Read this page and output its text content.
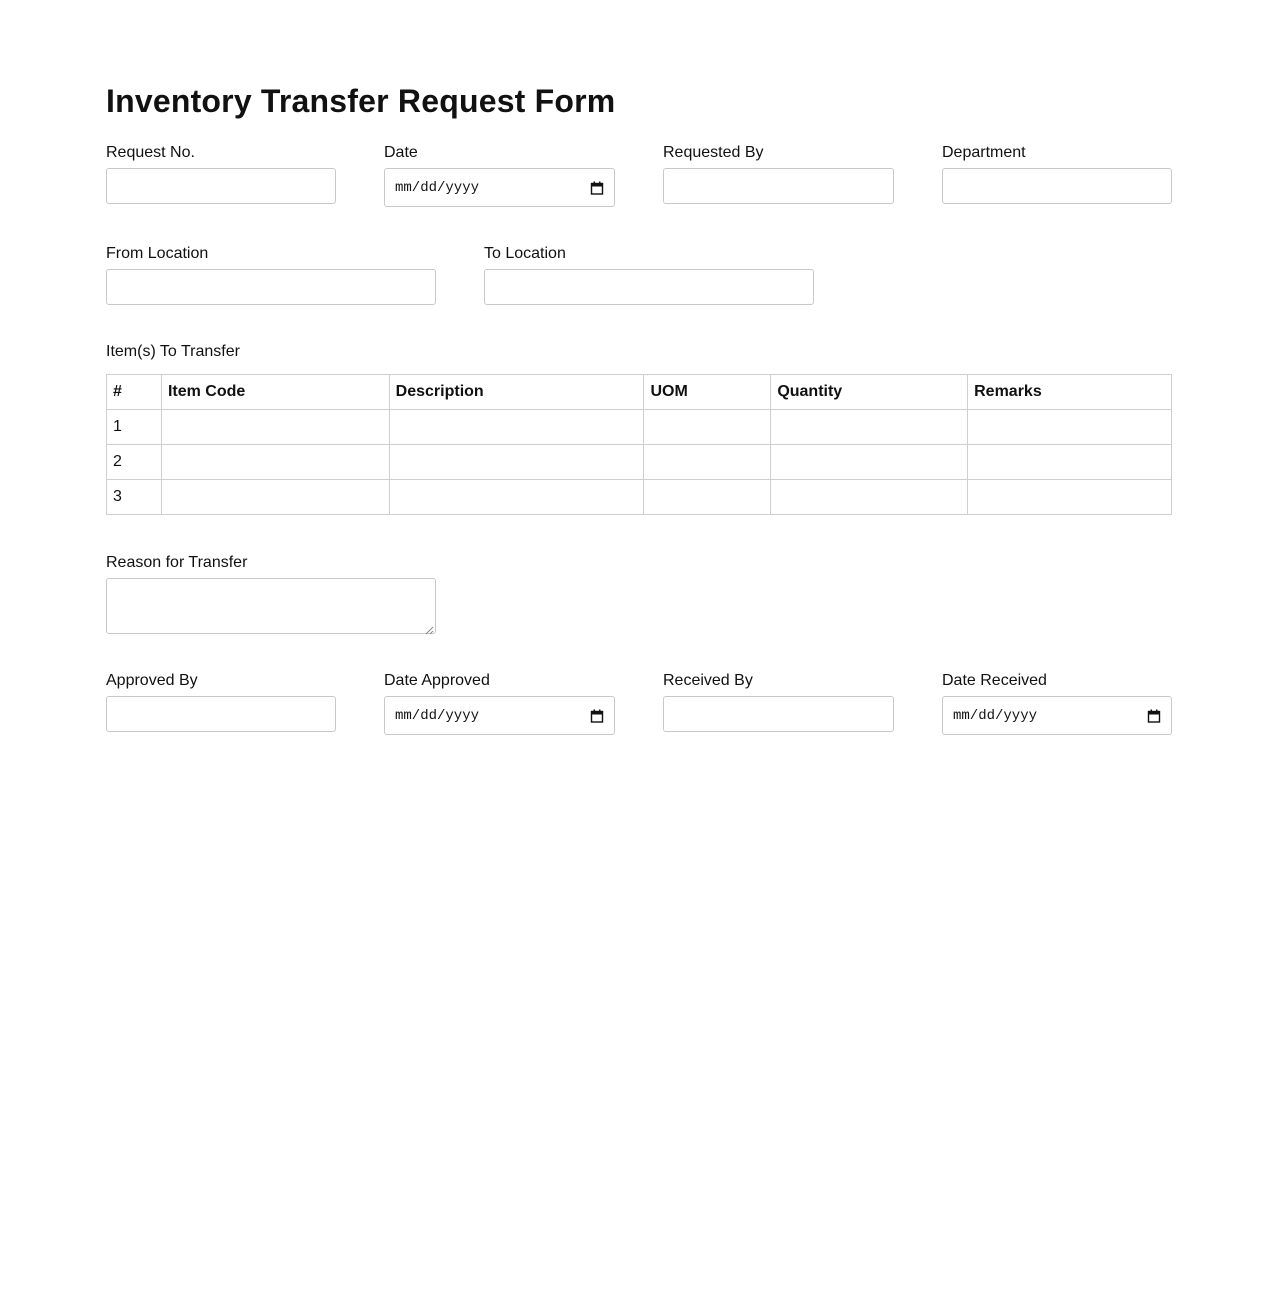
Inventory Transfer Request Form
Request No.	Date
mm/dd/yyyy
Requested By	Department
From Location	To Location
Item(s) To Transfer
#	Item Code	Description	UOM	Quantity	Remarks
1					
2					
3					
Reason for Transfer
Approved By	Date Approved
mm/dd/yyyy
Received By	Date Received
mm/dd/yyyy
